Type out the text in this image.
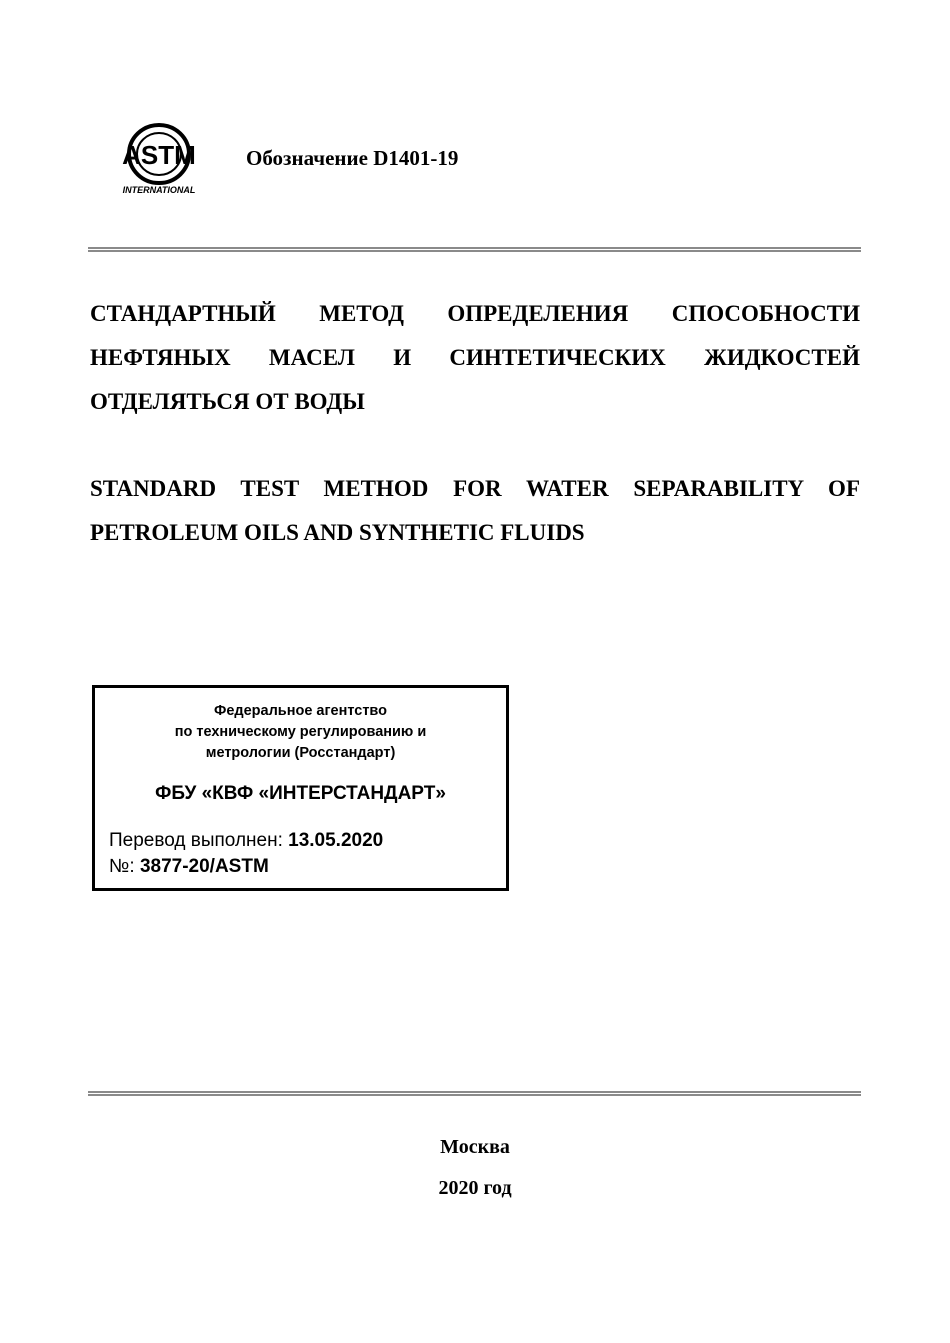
ASTM
INTERNATIONAL
Обозначение D1401-19
СТАНДАРТНЫЙ МЕТОД ОПРЕДЕЛЕНИЯ СПОСОБНОСТИ
НЕФТЯНЫХ МАСЕЛ И СИНТЕТИЧЕСКИХ ЖИДКОСТЕЙ
ОТДЕЛЯТЬСЯ ОТ ВОДЫ
STANDARD TEST METHOD FOR WATER SEPARABILITY OF
PETROLEUM OILS AND SYNTHETIC FLUIDS
Федеральное агентство
по техническому регулированию и
метрологии (Росстандарт)
ФБУ «КВФ «ИНТЕРСТАНДАРТ»
Перевод выполнен: 13.05.2020
№: 3877-20/ASTM
Москва
2020 год
